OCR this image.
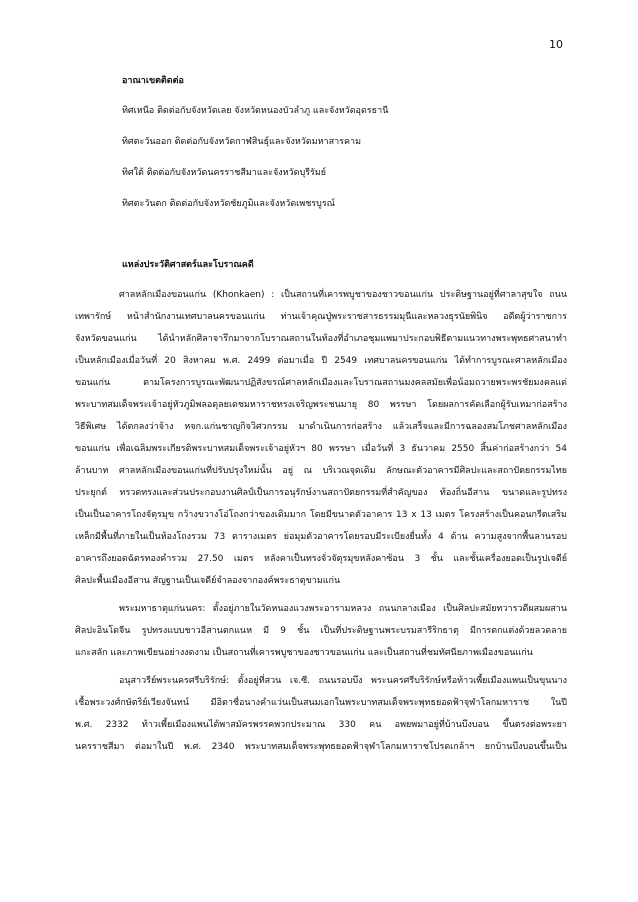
10
อาณาเขตติดต่อ
ทิศเหนือ ติดต่อกับจังหวัดเลย จังหวัดหนองบัวลำภู และจังหวัดอุดรธานี
ทิศตะวันออก ติดต่อกับจังหวัดกาฬสินธุ์และจังหวัดมหาสารคาม
ทิศใต้ ติดต่อกับจังหวัดนครราชสีมาและจังหวัดบุรีรัมย์
ทิศตะวันตก ติดต่อกับจังหวัดชัยภูมิและจังหวัดเพชรบูรณ์
แหล่งประวัติศาสตร์และโบราณคดี
ศาลหลักเมืองขอนแก่น (Khonkaen) : เป็นสถานที่เคารพบูชาของชาวขอนแก่น ประดิษฐานอยู่ที่ศาลาสุขใจ ถนน
เทพารักษ์ หน้าสำนักงานเทศบาลนครขอนแก่น ท่านเจ้าคุณปู่พระราชสารธรรมมุนีและหลวงธุรนัยพินิจ อดีตผู้ว่าราชการ
จังหวัดขอนแก่น ได้นำหลักศิลาจารึกมาจากโบราณสถานในท้องที่อำเภอชุมแพมาประกอบพิธีตามแนวทางพระพุทธศาสนาทำ
เป็นหลักเมืองเมื่อวันที่ 20 สิงหาคม พ.ศ. 2499 ต่อมาเมื่อ ปี 2549 เทศบาลนครขอนแก่น ได้ทำการบูรณะศาลหลักเมือง
ขอนแก่น ตามโครงการบูรณะพัฒนาปฏิสังขรณ์ศาลหลักเมืองและโบราณสถานมงคลสมัยเพื่อน้อมถวายพระพรชัยมงคลแด่
พระบาทสมเด็จพระเจ้าอยู่หัวภูมิพลอดุลยเดชมหาราชทรงเจริญพระชนมายุ 80 พรรษา โดยผลการคัดเลือกผู้รับเหมาก่อสร้าง
วิธีพิเศษ ได้ตกลงว่าจ้าง หจก.แก่นชาญกิจวิศวกรรม มาดำเนินการก่อสร้าง แล้วเสร็จและมีการฉลองสมโภชศาลหลักเมือง
ขอนแก่น เพื่อเฉลิมพระเกียรติพระบาทสมเด็จพระเจ้าอยู่หัวฯ 80 พรรษา เมื่อวันที่ 3 ธันวาคม 2550 สิ้นค่าก่อสร้างกว่า 54
ล้านบาท ศาลหลักเมืองขอนแก่นที่ปรับปรุงใหม่นั้น อยู่ ณ บริเวณจุดเดิม ลักษณะตัวอาคารมีศิลปะและสถาปัตยกรรมไทย
ประยุกต์ ทรวดทรงและส่วนประกอบงานศิลป์เป็นการอนุรักษ์งานสถาปัตยกรรมที่สำคัญของ ท้องถิ่นอีสาน ขนาดและรูปทรง
เป็นเป็นอาคารโถงจัตุรมุข กว้างขวางโอ่โถงกว่าของเดิมมาก โดยมีขนาดตัวอาคาร 13 x 13 เมตร โครงสร้างเป็นคอนกรีตเสริม
เหล็กมีพื้นที่ภายในเป็นห้องโถงรวม 73 ตารางเมตร ย่อมุมตัวอาคารโดยรอบมีระเบียงยื่นทั้ง 4 ด้าน ความสูงจากพื้นลานรอบ
อาคารถึงยอดฉัตรทองคำรวม 27.50 เมตร หลังคาเป็นทรงจั่วจัตุรมุขหลังคาซ้อน 3 ชั้น และชั้นเครื่องยอดเป็นรูปเจดีย์
ศิลปะพื้นเมืองอีสาน สัญฐานเป็นเจดีย์จำลองจากองค์พระธาตุขามแก่น
พระมหาธาตุแก่นนคร: ตั้งอยู่ภายในวัดหนองแวงพระอารามหลวง ถนนกลางเมือง เป็นศิลปะสมัยทวารวดีผสมผสาน
ศิลปะอินโดจีน รูปทรงแบบชาวอีสานตกแนห มี 9 ชั้น เป็นที่ประดิษฐานพระบรมสารีริกธาตุ มีการตกแต่งด้วยลวดลาย
แกะสลัก และภาพเขียนอย่างงดงาม เป็นสถานที่เคารพบูชาของชาวขอนแก่น และเป็นสถานที่ชมทัศนียภาพเมืองขอนแก่น
อนุสาวรีย์พระนครศรีบริรักษ์: ตั้งอยู่ที่สวน เจ.ซี. ถนนรอบบึง พระนครศรีบริรักษ์หรือท้าวเพี้ยเมืองแพนเป็นขุนนาง
เชื้อพระวงศ์กษัตริย์เวียงจันทน์ มีอิตาชื่อนางคำแว่นเป็นสนมเอกในพระบาทสมเด็จพระพุทธยอดฟ้าจุฬาโลกมหาราช ในปี
พ.ศ. 2332 ท้าวเพี้ยเมืองแพนได้พาสมัครพรรคพวกประมาณ 330 คน อพยพมาอยู่ที่บ้านบึงบอน ขึ้นตรงต่อพระยา
นครราชสีมา ต่อมาในปี พ.ศ. 2340 พระบาทสมเด็จพระพุทธยอดฟ้าจุฬาโลกมหาราชโปรดเกล้าฯ ยกบ้านบึงบอนขึ้นเป็น
